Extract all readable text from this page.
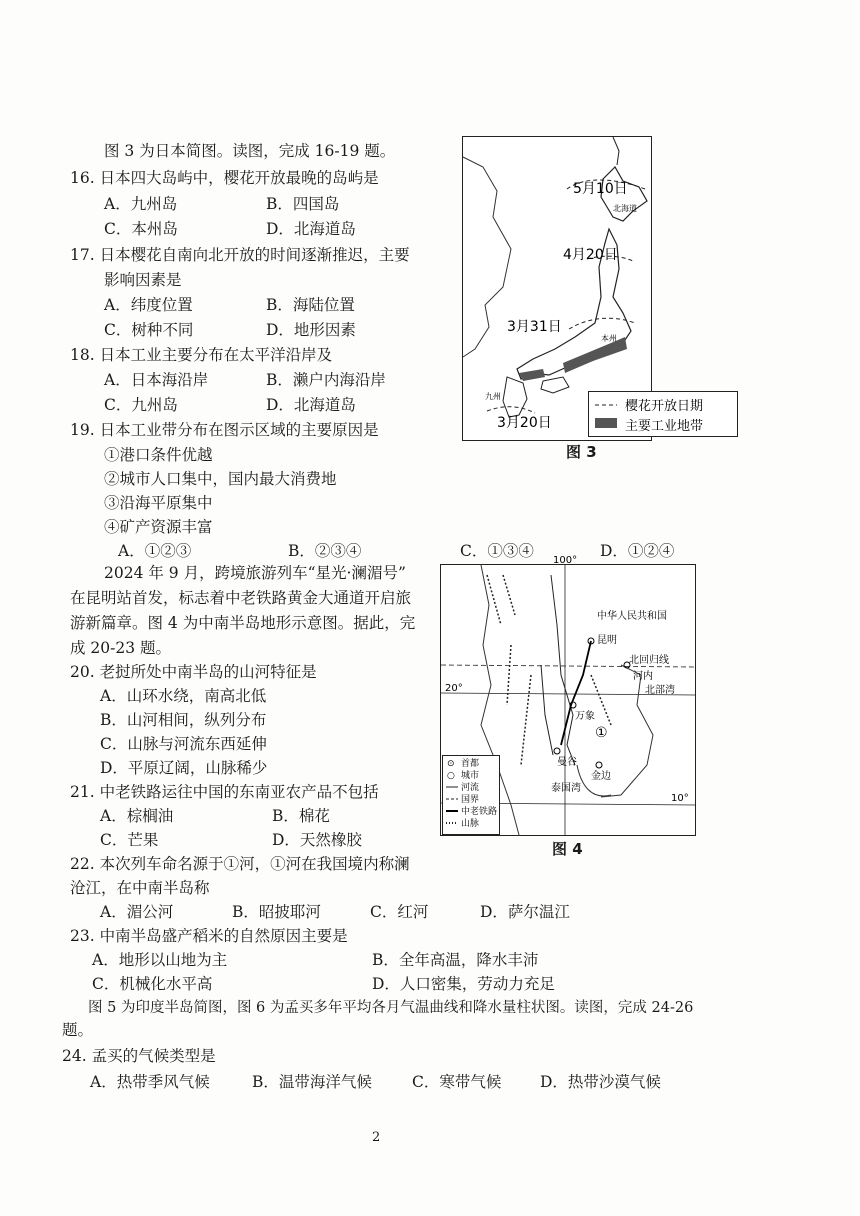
图 3 为日本简图。读图，完成 16-19 题。
16. 日本四大岛屿中，樱花开放最晚的岛屿是
A．九州岛	B．四国岛
C．本州岛	D．北海道岛
17. 日本樱花自南向北开放的时间逐渐推迟，主要
影响因素是
A．纬度位置	B．海陆位置
C．树种不同	D．地形因素
18. 日本工业主要分布在太平洋沿岸及
A．日本海沿岸	B．濑户内海沿岸
C．九州岛	D．北海道岛
19. 日本工业带分布在图示区域的主要原因是
①港口条件优越
②城市人口集中，国内最大消费地
③沿海平原集中
④矿产资源丰富
A．①②③	B．②③④	C．①③④	D．①②④
5月10日
北海道
4月20日
3月31日
本州
九州
3月20日
樱花开放日期
主要工业地带
图 3
2024 年 9 月，跨境旅游列车“星光·澜湄号”
在昆明站首发，标志着中老铁路黄金大通道开启旅
游新篇章。图 4 为中南半岛地形示意图。据此，完
成 20-23 题。
20. 老挝所处中南半岛的山河特征是
A．山环水绕，南高北低
B．山河相间，纵列分布
C．山脉与河流东西延伸
D．平原辽阔，山脉稀少
21. 中老铁路运往中国的东南亚农产品不包括
A．棕榈油	B．棉花
C．芒果	D．天然橡胶
22. 本次列车命名源于①河，①河在我国境内称澜
沧江，在中南半岛称
A．湄公河	B．昭披耶河	C．红河	D．萨尔温江
23. 中南半岛盛产稻米的自然原因主要是
A．地形以山地为主	B．全年高温，降水丰沛
C．机械化水平高	D．人口密集，劳动力充足
100°
中华人民共和国
昆明
北回归线
20°
河内
北部湾
万象
曼谷
金边
泰国湾
①
10°
⊙ 首都
○ 城市
河流
国界
中老铁路
山脉
图 4
图 5 为印度半岛简图，图 6 为孟买多年平均各月气温曲线和降水量柱状图。读图，完成 24-26
题。
24. 孟买的气候类型是
A．热带季风气候	B．温带海洋气候	C．寒带气候 D．热带沙漠气候
2
